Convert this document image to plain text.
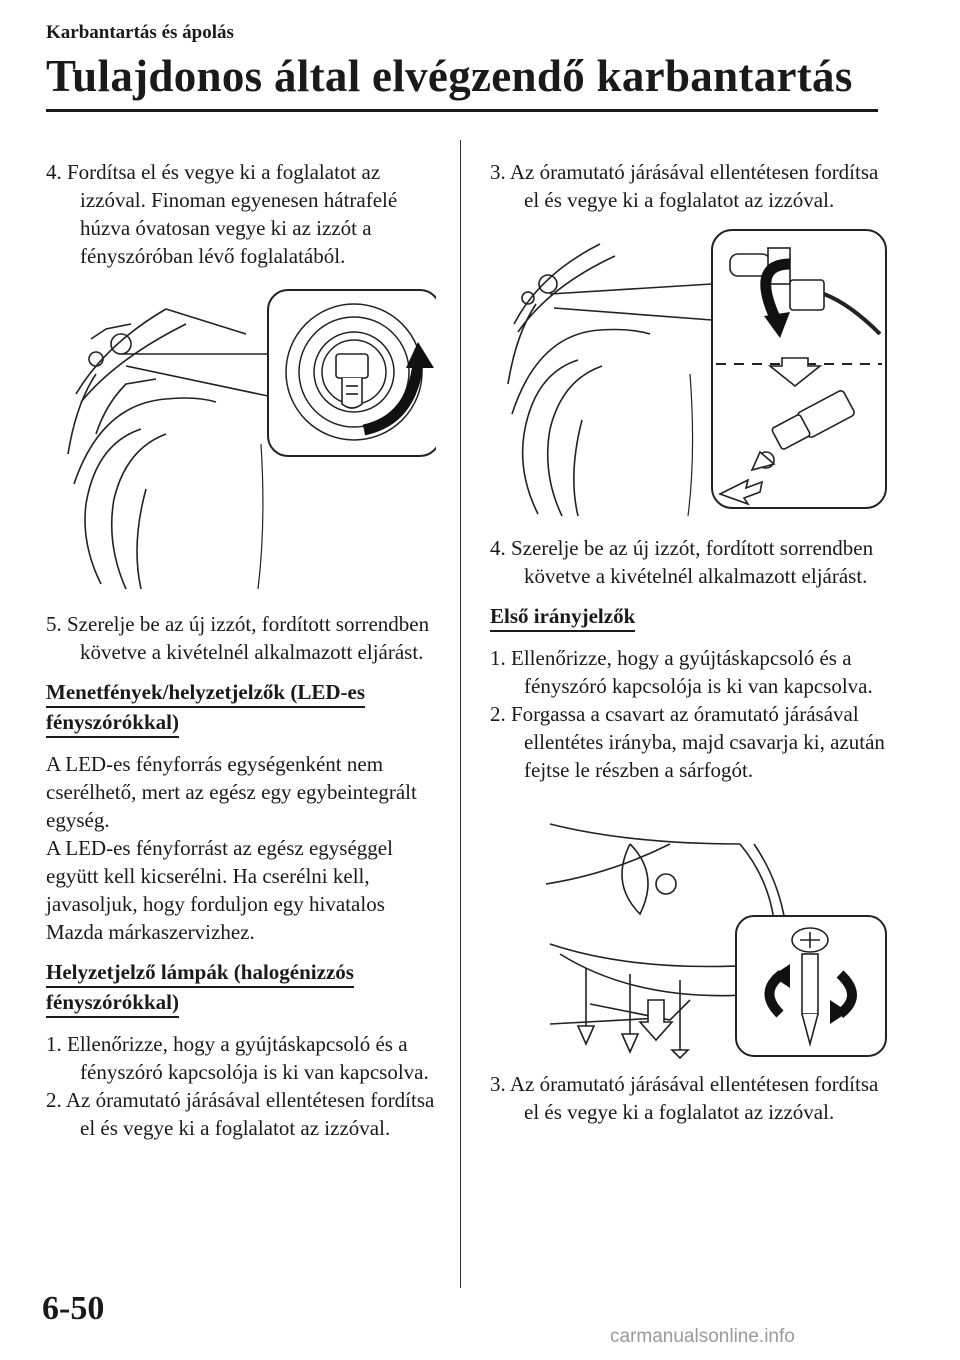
Karbantartás és ápolás
Tulajdonos által elvégzendő karbantartás

4. Fordítsa el és vegye ki a foglalatot az izzóval. Finoman egyenesen hátrafelé húzva óvatosan vegye ki az izzót a fényszóróban lévő foglalatából.

5. Szerelje be az új izzót, fordított sorrendben követve a kivételnél alkalmazott eljárást.

Menetfények/helyzetjelzők (LED-es
fényszórókkal)

A LED-es fényforrás egységenként nem cserélhető, mert az egész egy egybeintegrált egység.

A LED-es fényforrást az egész egységgel együtt kell kicserélni. Ha cserélni kell, javasoljuk, hogy forduljon egy hivatalos Mazda márkaszervizhez.

Helyzetjelző lámpák (halogénizzós
fényszórókkal)

1. Ellenőrizze, hogy a gyújtáskapcsoló és a fényszóró kapcsolója is ki van kapcsolva.

2. Az óramutató járásával ellentétesen fordítsa el és vegye ki a foglalatot az izzóval.

3. Az óramutató járásával ellentétesen fordítsa el és vegye ki a foglalatot az izzóval.

4. Szerelje be az új izzót, fordított sorrendben követve a kivételnél alkalmazott eljárást.

Első irányjelzők

1. Ellenőrizze, hogy a gyújtáskapcsoló és a fényszóró kapcsolója is ki van kapcsolva.

2. Forgassa a csavart az óramutató járásával ellentétes irányba, majd csavarja ki, azután fejtse le részben a sárfogót.

3. Az óramutató járásával ellentétesen fordítsa el és vegye ki a foglalatot az izzóval.

6-50
carmanualsonline.info
